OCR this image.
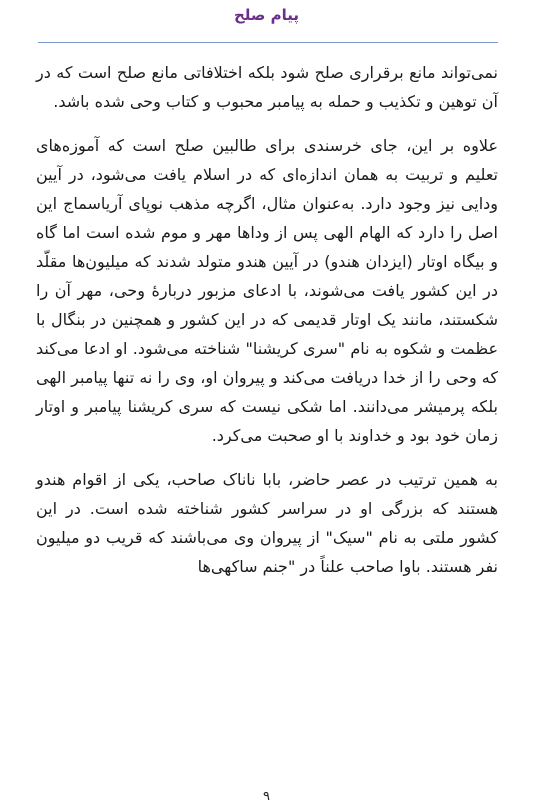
پیام صلح

نمی‌تواند مانع برقراری صلح شود بلکه اختلافاتی مانع صلح است که در آن توهین و تکذیب و حمله به پیامبر محبوب و کتاب وحی شده باشد.

علاوه بر این، جای خرسندی برای طالبین صلح است که آموزه‌های تعلیم و تربیت به همان اندازه‌ای که در اسلام یافت می‌شود، در آیین ودایی نیز وجود دارد. به‌عنوان مثال، اگرچه مذهب نوپای آریاسماج این اصل را دارد که الهام الهی پس از وداها مهر و موم شده است اما گاه و بیگاه اوتار (ایزدان هندو) در آیین هندو متولد شدند که میلیون‌ها مقلّد در این کشور یافت می‌شوند، با ادعای مزبور دربارهٔ وحی، مهر آن را شکستند، مانند یک اوتار قدیمی که در این کشور و همچنین در بنگال با عظمت و شکوه به نام "سری کریشنا" شناخته می‌شود. او ادعا می‌کند که وحی را از خدا دریافت می‌کند و پیروان او، وی را نه تنها پیامبر الهی بلکه پرمیشر می‌دانند. اما شکی نیست که سری کریشنا پیامبر و اوتار زمان خود بود و خداوند با او صحبت می‌کرد.

به همین ترتیب در عصر حاضر، بابا ناناک صاحب، یکی از اقوام هندو هستند که بزرگی او در سراسر کشور شناخته شده است. در این کشور ملتی به نام "سیک" از پیروان وی می‌باشند که قریب دو میلیون نفر هستند. باوا صاحب علناً در "جنم ساکهی‌ها

۹
